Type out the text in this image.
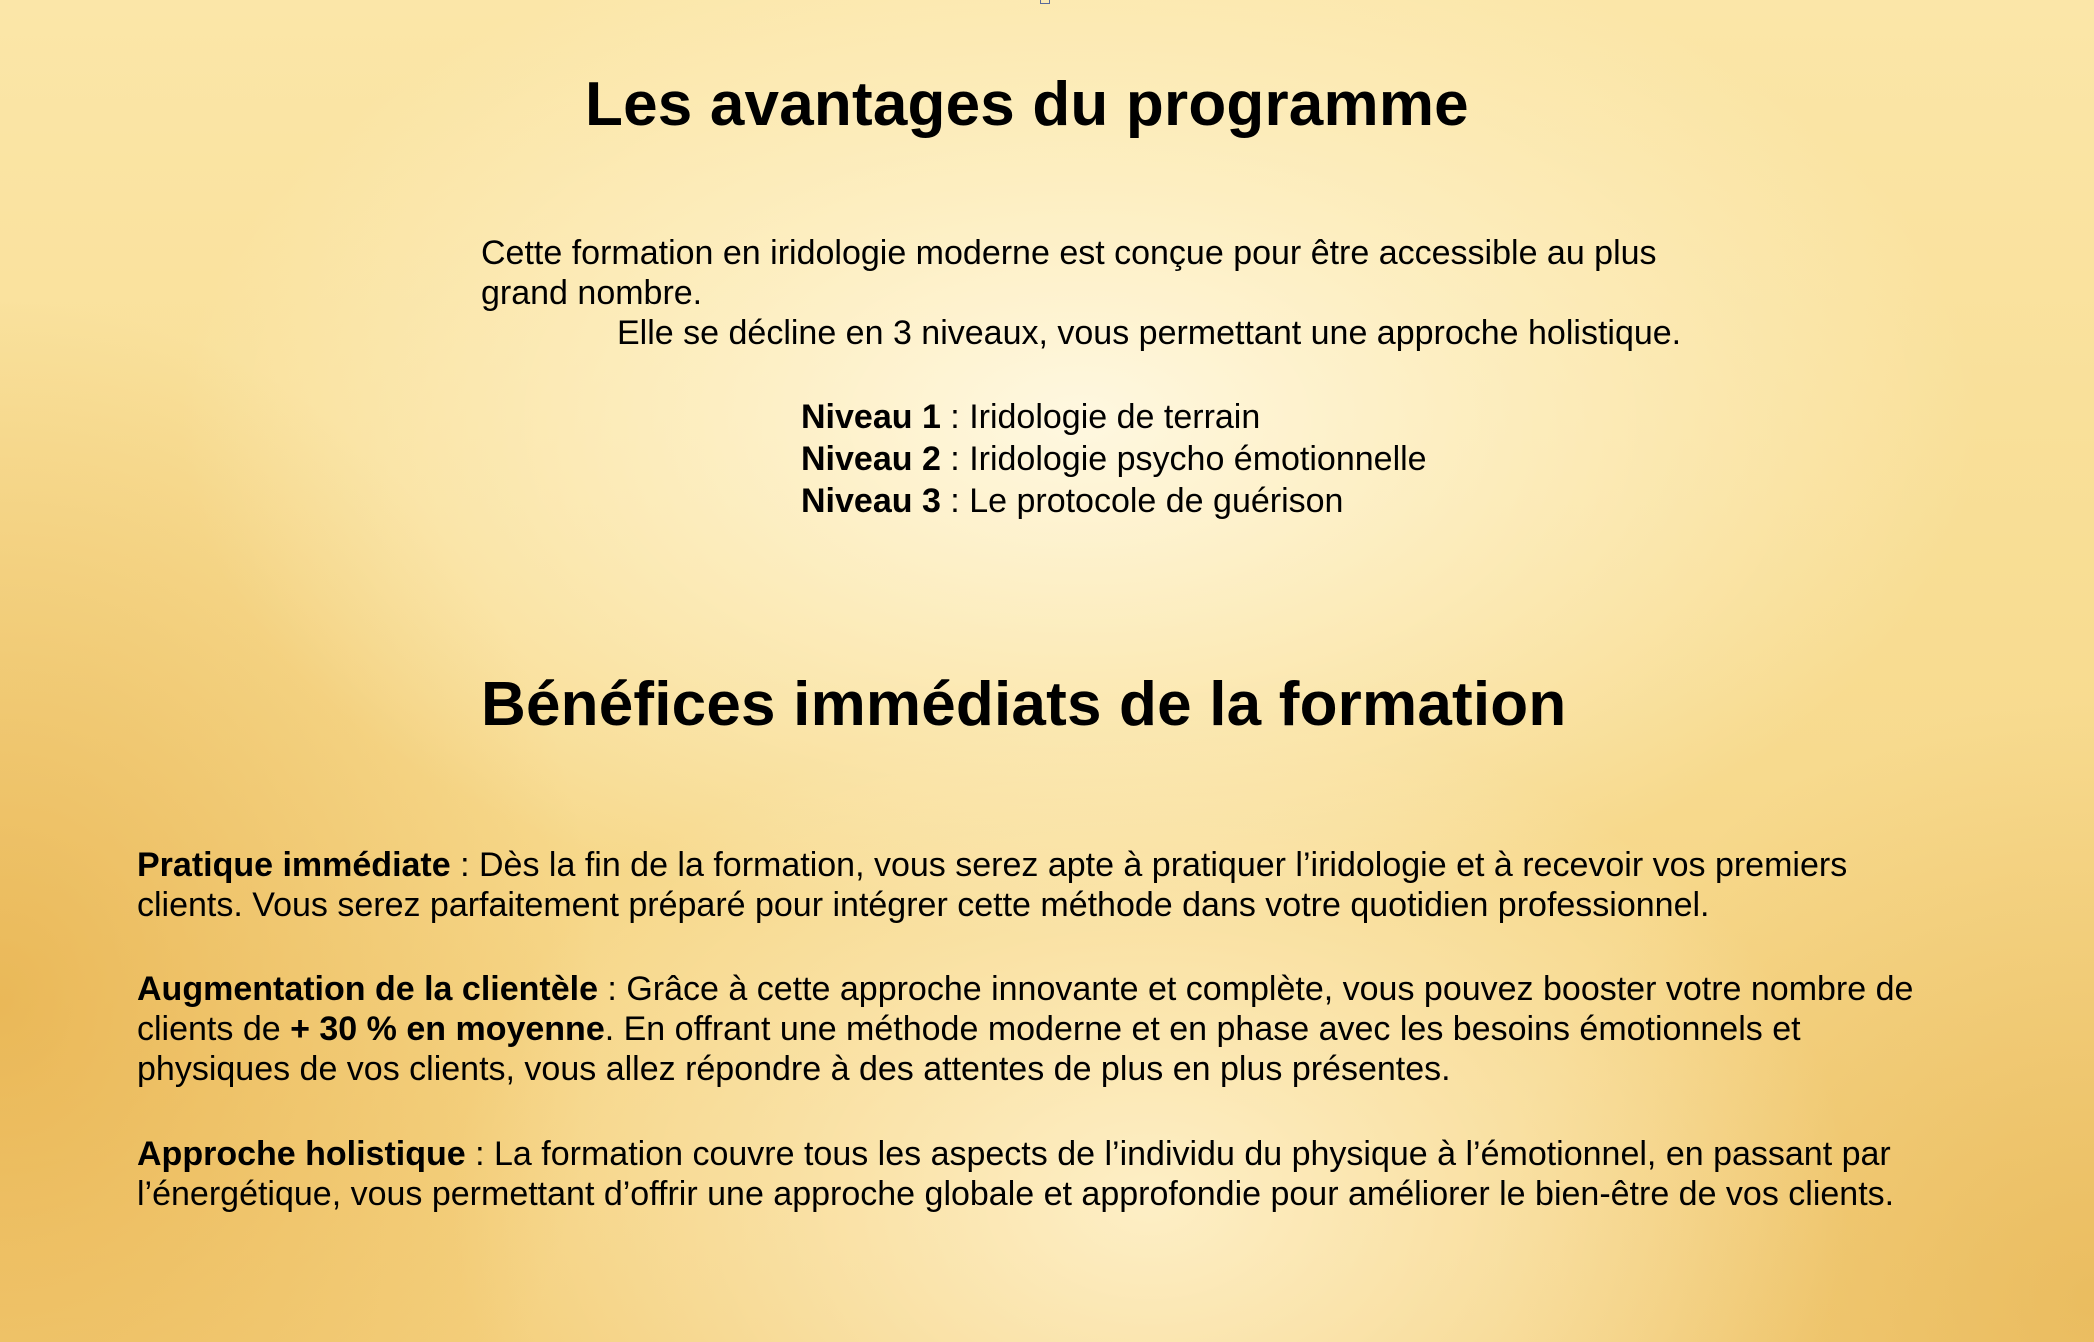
Les avantages du programme

Cette formation en iridologie moderne est conçue pour être accessible au plus

grand nombre.

Elle se décline en 3 niveaux, vous permettant une approche holistique.

Niveau 1 : Iridologie de terrain
Niveau 2 : Iridologie psycho émotionnelle
Niveau 3 : Le protocole de guérison
Bénéfices immédiats de la formation

Pratique immédiate : Dès la fin de la formation, vous serez apte à pratiquer l’iridologie et à recevoir vos premiers
clients. Vous serez parfaitement préparé pour intégrer cette méthode dans votre quotidien professionnel.

Augmentation de la clientèle : Grâce à cette approche innovante et complète, vous pouvez booster votre nombre de
clients de + 30 % en moyenne. En offrant une méthode moderne et en phase avec les besoins émotionnels et
physiques de vos clients, vous allez répondre à des attentes de plus en plus présentes.

Approche holistique : La formation couvre tous les aspects de l’individu du physique à l’émotionnel, en passant par
l’énergétique, vous permettant d’offrir une approche globale et approfondie pour améliorer le bien-être de vos clients.
